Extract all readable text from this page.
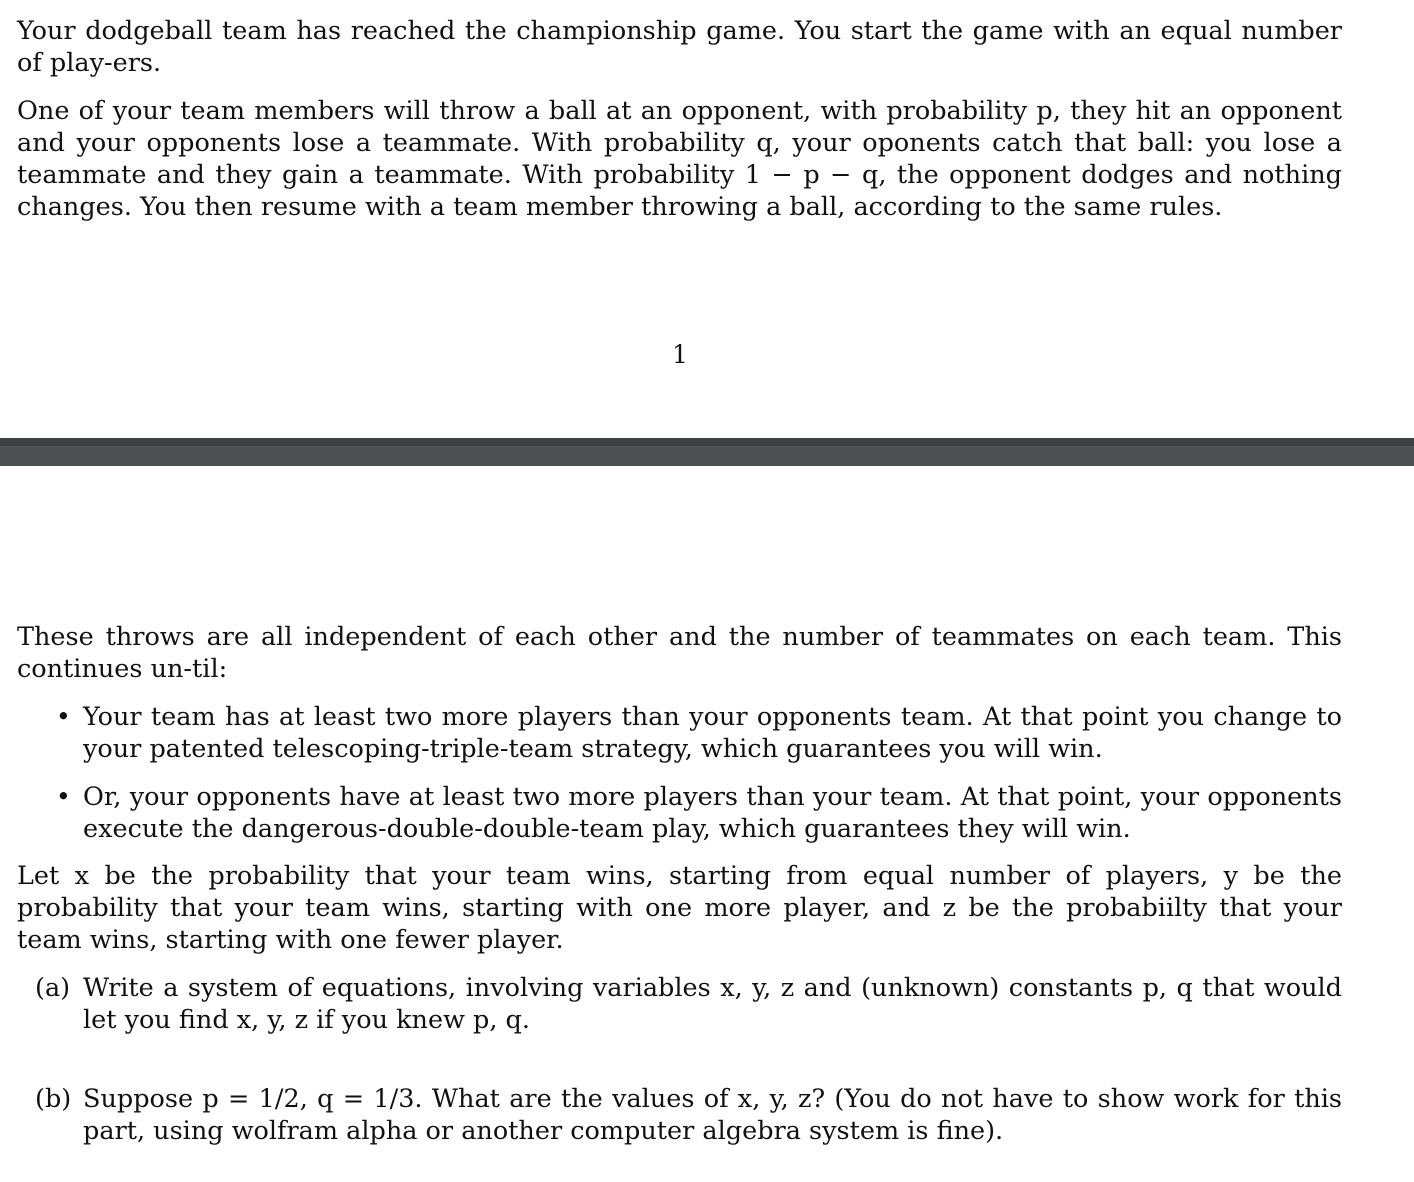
Your dodgeball team has reached the championship game. You start the game with an equal number of play-ers.

One of your team members will throw a ball at an opponent, with probability p, they hit an opponent and your opponents lose a teammate. With probability q, your oponents catch that ball: you lose a teammate and they gain a teammate. With probability 1 − p − q, the opponent dodges and nothing changes. You then resume with a team member throwing a ball, according to the same rules.

1

These throws are all independent of each other and the number of teammates on each team. This continues un-til:

• Your team has at least two more players than your opponents team. At that point you change to your patented telescoping-triple-team strategy, which guarantees you will win.
• Or, your opponents have at least two more players than your team. At that point, your opponents execute the dangerous-double-double-team play, which guarantees they will win.

Let x be the probability that your team wins, starting from equal number of players, y be the probability that your team wins, starting with one more player, and z be the probabiilty that your team wins, starting with one fewer player.

(a) Write a system of equations, involving variables x, y, z and (unknown) constants p, q that would let you find x, y, z if you knew p, q.
(b) Suppose p = 1/2, q = 1/3. What are the values of x, y, z? (You do not have to show work for this part, using wolfram alpha or another computer algebra system is fine).
